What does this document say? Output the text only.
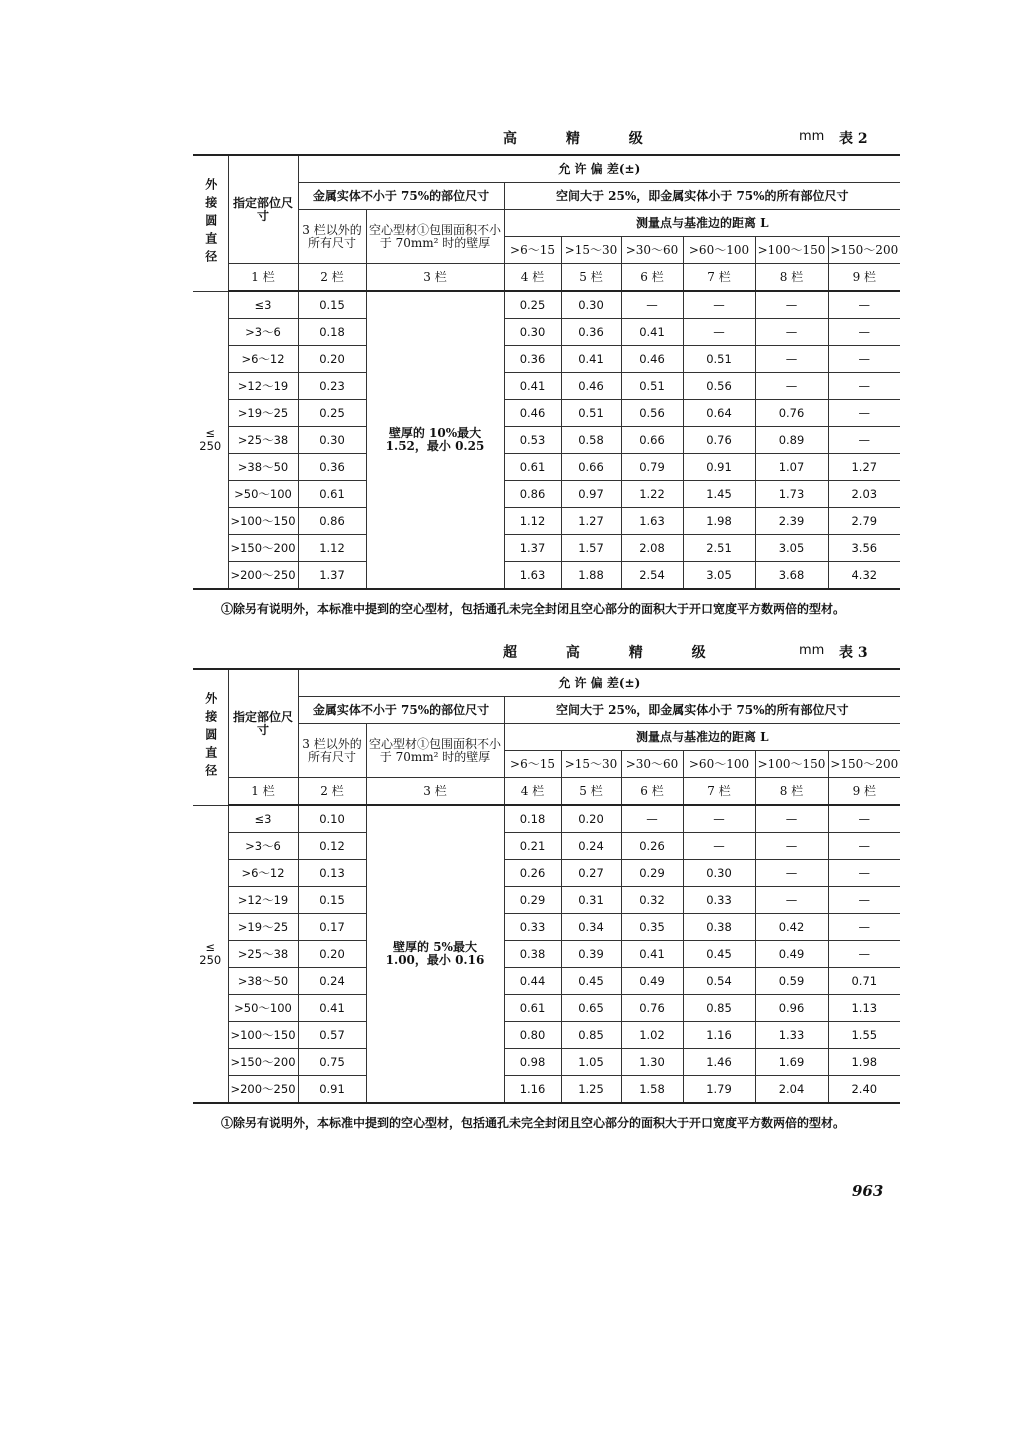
高 精 级	mm 表 2
外接圆直径	指定部位尺寸	允 许 偏 差(±)							
		金属实体不小于 75%的部位尺寸		空间大于 25%，即金属实体小于 75%的所有部位尺寸					
		3 栏以外的所有尺寸	空心型材①包围面积不小于 70mm² 时的壁厚	测量点与基准边的距离 L					
				>6～15	>15～30	>30～60	>60～100	>100～150	>150～200
	1 栏	2 栏	3 栏	4 栏	5 栏	6 栏	7 栏	8 栏	9 栏
≤ 250	≤3	0.15	壁厚的 10%最大 1.52，最小 0.25	0.25	0.30	—	—	—	—
	>3～6	0.18		0.30	0.36	0.41	—	—	—
	>6～12	0.20		0.36	0.41	0.46	0.51	—	—
	>12～19	0.23		0.41	0.46	0.51	0.56	—	—
	>19～25	0.25		0.46	0.51	0.56	0.64	0.76	—
	>25～38	0.30		0.53	0.58	0.66	0.76	0.89	—
	>38～50	0.36		0.61	0.66	0.79	0.91	1.07	1.27
	>50～100	0.61		0.86	0.97	1.22	1.45	1.73	2.03
	>100～150	0.86		1.12	1.27	1.63	1.98	2.39	2.79
	>150～200	1.12		1.37	1.57	2.08	2.51	3.05	3.56
	>200～250	1.37		1.63	1.88	2.54	3.05	3.68	4.32
①除另有说明外，本标准中提到的空心型材，包括通孔未完全封闭且空心部分的面积大于开口宽度平方数两倍的型材。
超 高 精 级	mm 表 3
外接圆直径	指定部位尺寸	允 许 偏 差(±)							
		金属实体不小于 75%的部位尺寸		空间大于 25%，即金属实体小于 75%的所有部位尺寸					
		3 栏以外的所有尺寸	空心型材①包围面积不小于 70mm² 时的壁厚	测量点与基准边的距离 L					
				>6～15	>15～30	>30～60	>60～100	>100～150	>150～200
	1 栏	2 栏	3 栏	4 栏	5 栏	6 栏	7 栏	8 栏	9 栏
≤ 250	≤3	0.10	壁厚的 5%最大 1.00，最小 0.16	0.18	0.20	—	—	—	—
	>3～6	0.12		0.21	0.24	0.26	—	—	—
	>6～12	0.13		0.26	0.27	0.29	0.30	—	—
	>12～19	0.15		0.29	0.31	0.32	0.33	—	—
	>19～25	0.17		0.33	0.34	0.35	0.38	0.42	—
	>25～38	0.20		0.38	0.39	0.41	0.45	0.49	—
	>38～50	0.24		0.44	0.45	0.49	0.54	0.59	0.71
	>50～100	0.41		0.61	0.65	0.76	0.85	0.96	1.13
	>100～150	0.57		0.80	0.85	1.02	1.16	1.33	1.55
	>150～200	0.75		0.98	1.05	1.30	1.46	1.69	1.98
	>200～250	0.91		1.16	1.25	1.58	1.79	2.04	2.40
①除另有说明外，本标准中提到的空心型材，包括通孔未完全封闭且空心部分的面积大于开口宽度平方数两倍的型材。
963
